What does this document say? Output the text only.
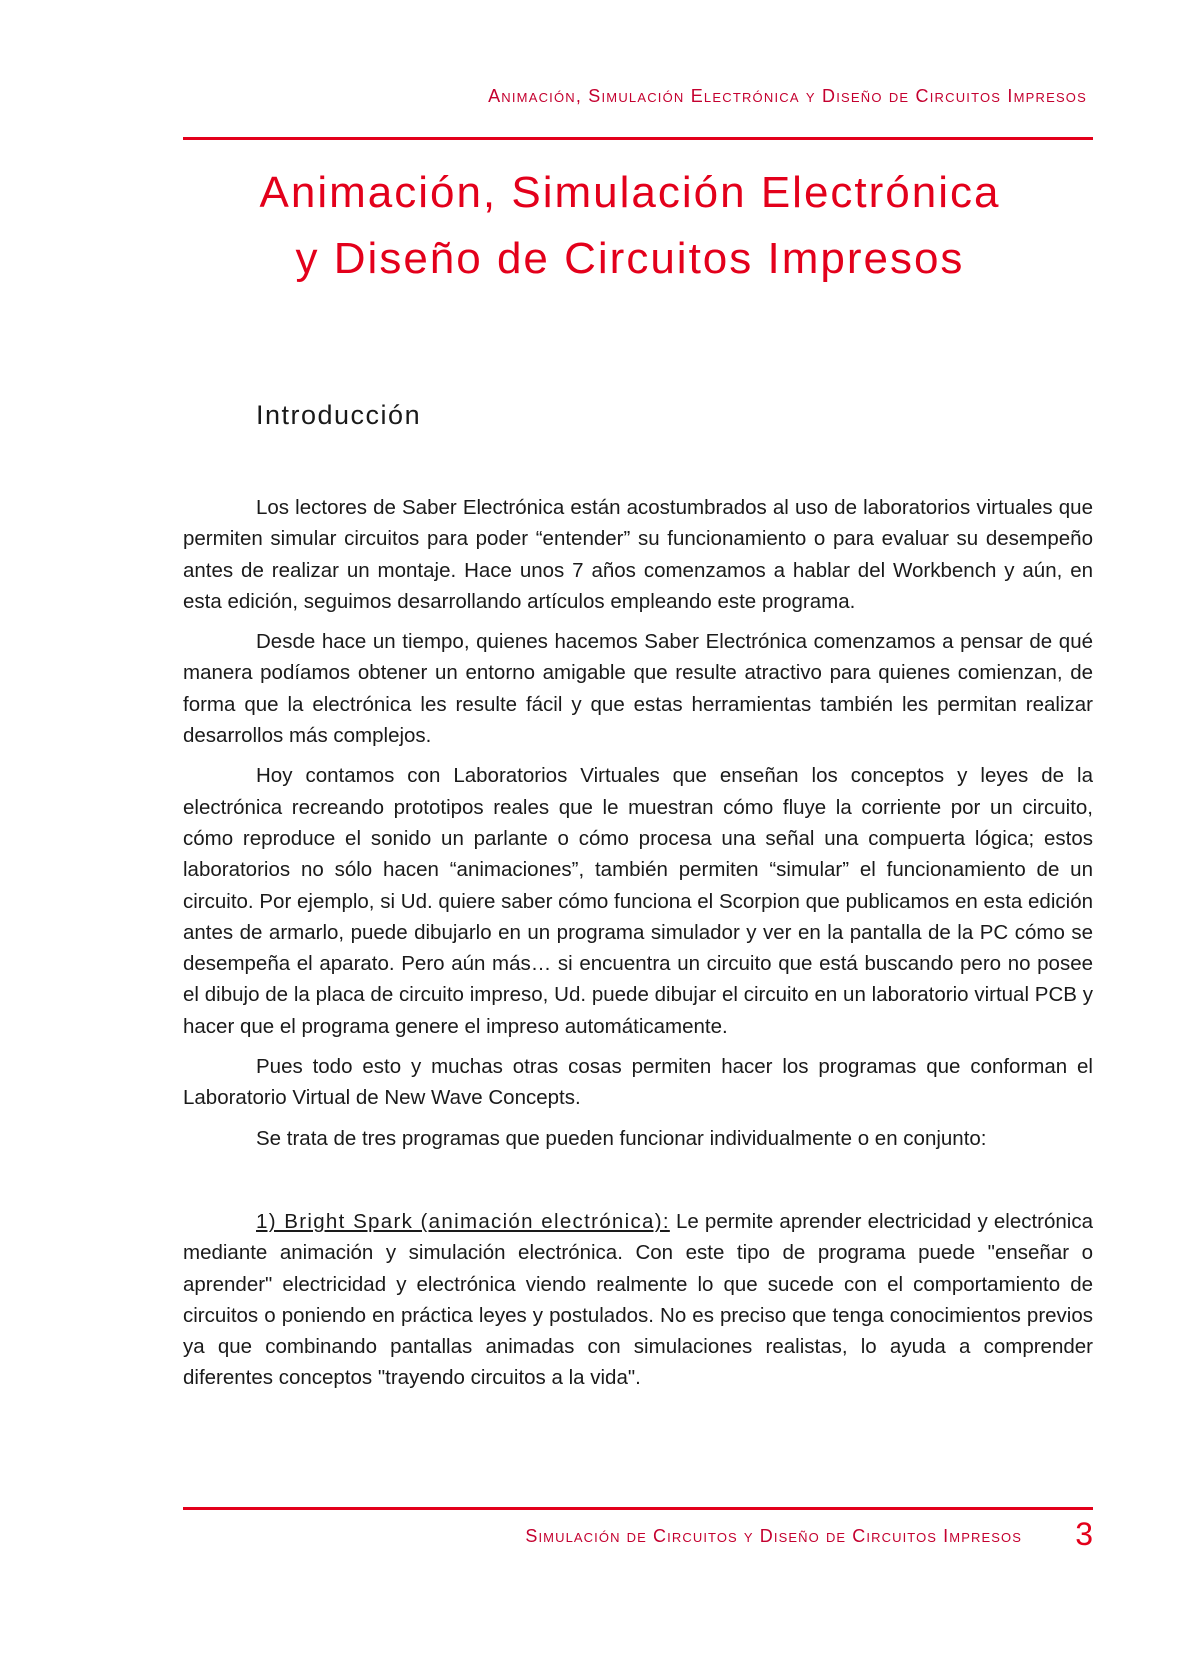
Animación, Simulación Electrónica y Diseño de Circuitos Impresos
Animación, Simulación Electrónica
y Diseño de Circuitos Impresos
Introducción

Los lectores de Saber Electrónica están acostumbrados al uso de laboratorios virtuales que permiten simular circuitos para poder “entender” su funcionamiento o para evaluar su desempeño antes de realizar un montaje. Hace unos 7 años comenzamos a hablar del Workbench y aún, en esta edición, seguimos desarrollando artículos empleando este programa.

Desde hace un tiempo, quienes hacemos Saber Electrónica comenzamos a pensar de qué manera podíamos obtener un entorno amigable que resulte atractivo para quienes comienzan, de forma que la electrónica les resulte fácil y que estas herramientas también les permitan realizar desarrollos más complejos.

Hoy contamos con Laboratorios Virtuales que enseñan los conceptos y leyes de la electrónica recreando prototipos reales que le muestran cómo fluye la corriente por un circuito, cómo reproduce el sonido un parlante o cómo procesa una señal una compuerta lógica; estos laboratorios no sólo hacen “animaciones”, también permiten “simular” el funcionamiento de un circuito. Por ejemplo, si Ud. quiere saber cómo funciona el Scorpion que publicamos en esta edición antes de armarlo, puede dibujarlo en un programa simulador y ver en la pantalla de la PC cómo se desempeña el aparato. Pero aún más… si encuentra un circuito que está buscando pero no posee el dibujo de la placa de circuito impreso, Ud. puede dibujar el circuito en un laboratorio virtual PCB y hacer que el programa genere el impreso automáticamente.

Pues todo esto y muchas otras cosas permiten hacer los programas que conforman el Laboratorio Virtual de New Wave Concepts.

Se trata de tres programas que pueden funcionar individualmente o en conjunto:

1) Bright Spark (animación electrónica): Le permite aprender electricidad y electrónica mediante animación y simulación electrónica. Con este tipo de programa puede "enseñar o aprender" electricidad y electrónica viendo realmente lo que sucede con el comportamiento de circuitos o poniendo en práctica leyes y postulados. No es preciso que tenga conocimientos previos ya que combinando pantallas animadas con simulaciones realistas, lo ayuda a comprender diferentes conceptos "trayendo circuitos a la vida".

Simulación de Circuitos y Diseño de Circuitos Impresos 3
